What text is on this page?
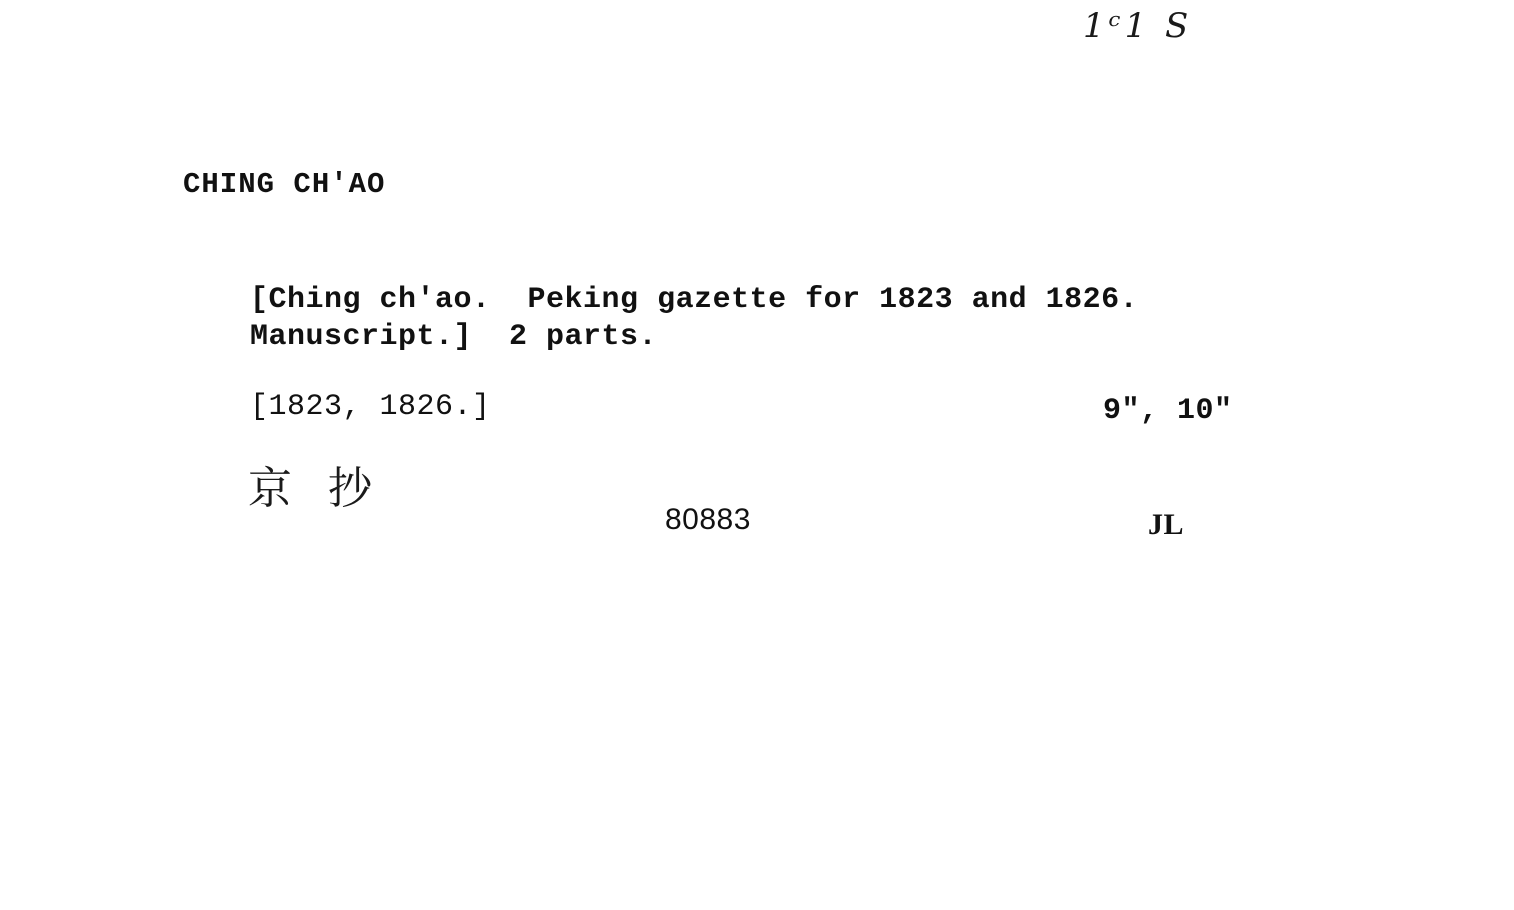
1ᶜ1 S
CHING CH'AO
[Ching ch'ao.  Peking gazette for 1823 and 1826.
Manuscript.]  2 parts.
[1823, 1826.]	9", 10"
京抄
80883	JL
